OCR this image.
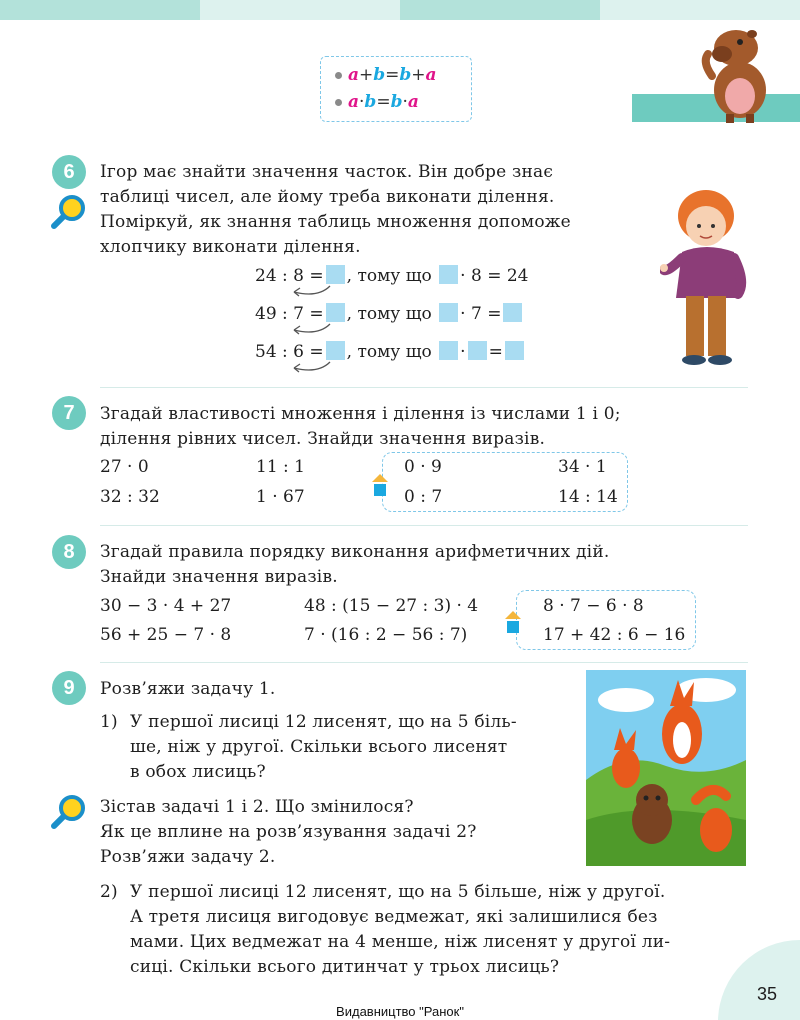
a+b=b+a
a·b=b·a
6	Ігор має знайти значення часток. Він добре знає
таблиці чисел, але йому треба виконати ділення.
Поміркуй, як знання таблиць множення допоможе
хлопчику виконати ділення.
24 : 8 = , тому що · 8 = 24
49 : 7 = , тому що · 7 =
54 : 6 = , тому що · =
7	Згадай властивості множення і ділення із числами 1 і 0;
ділення рівних чисел. Знайди значення виразів.
27 · 0	11 : 1	0 · 9	34 · 1
32 : 32	1 · 67	0 : 7	14 : 14
8	Згадай правила порядку виконання арифметичних дій.
Знайди значення виразів.
30 − 3 · 4 + 27	48 : (15 − 27 : 3) · 4	8 · 7 − 6 · 8
56 + 25 − 7 · 8	7 · (16 : 2 − 56 : 7)	17 + 42 : 6 − 16
9	Розв’яжи задачу 1.
1) У першої лисиці 12 лисенят, що на 5 біль-
ше, ніж у другої. Скільки всього лисенят
в обох лисиць?
Зістав задачі 1 і 2. Що змінилося?
Як це вплине на розв’язування задачі 2?
Розв’яжи задачу 2.
2) У першої лисиці 12 лисенят, що на 5 більше, ніж у другої.
А третя лисиця вигодовує ведмежат, які залишилися без
мами. Цих ведмежат на 4 менше, ніж лисенят у другої ли-
сиці. Скільки всього дитинчат у трьох лисиць?
35
Видавництво "Ранок"
